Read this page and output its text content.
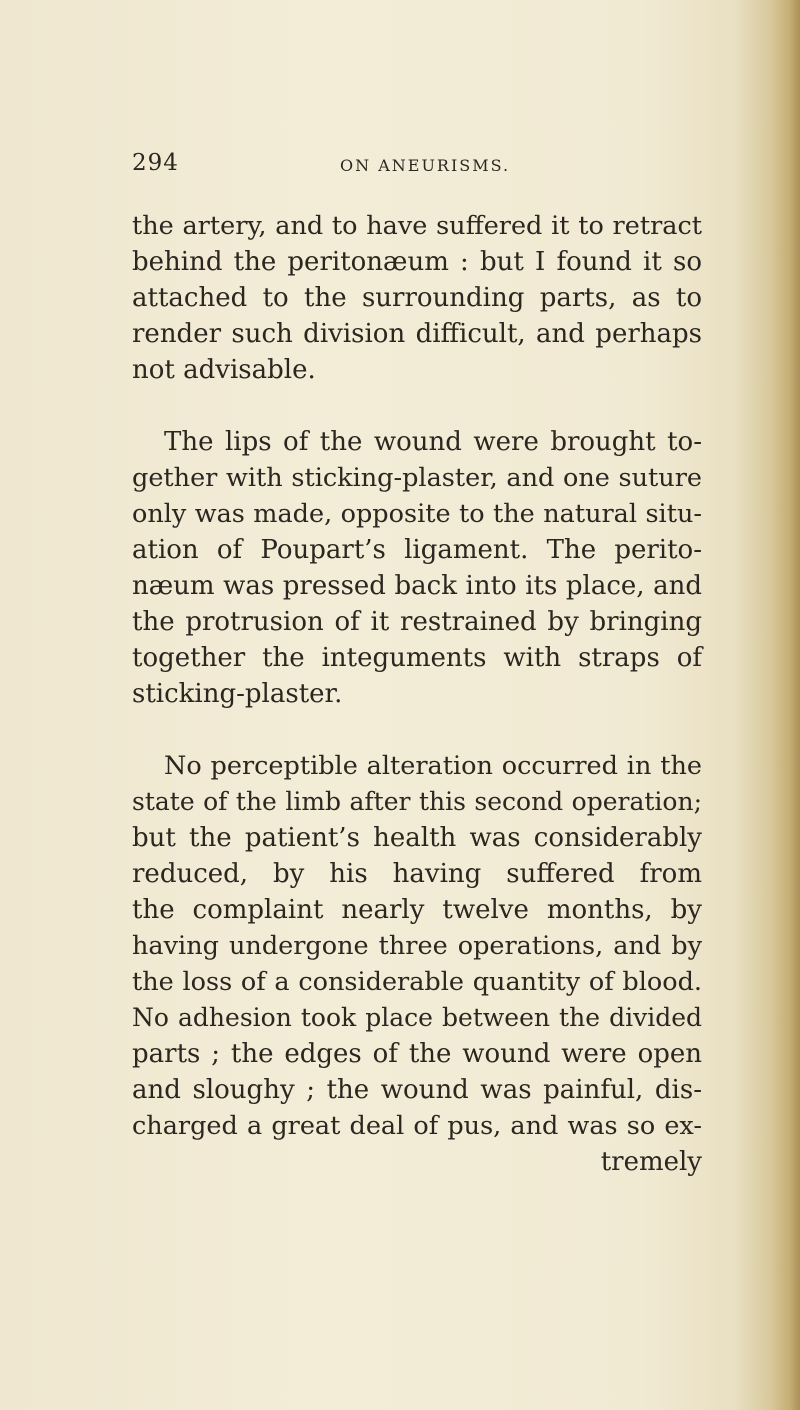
294	ON ANEURISMS.

the artery, and to have suffered it to retract
behind the peritonæum : but I found it so
attached to the surrounding parts, as to
render such division difficult, and perhaps
not advisable.

The lips of the wound were brought to-
gether with sticking-plaster, and one suture
only was made, opposite to the natural situ-
ation of Poupart’s ligament. The perito-
næum was pressed back into its place, and
the protrusion of it restrained by bringing
together the integuments with straps of
sticking-plaster.

No perceptible alteration occurred in the
state of the limb after this second operation;
but the patient’s health was considerably
reduced, by his having suffered from
the complaint nearly twelve months, by
having undergone three operations, and by
the loss of a considerable quantity of blood.
No adhesion took place between the divided
parts ; the edges of the wound were open
and sloughy ; the wound was painful, dis-
charged a great deal of pus, and was so ex-
tremely
